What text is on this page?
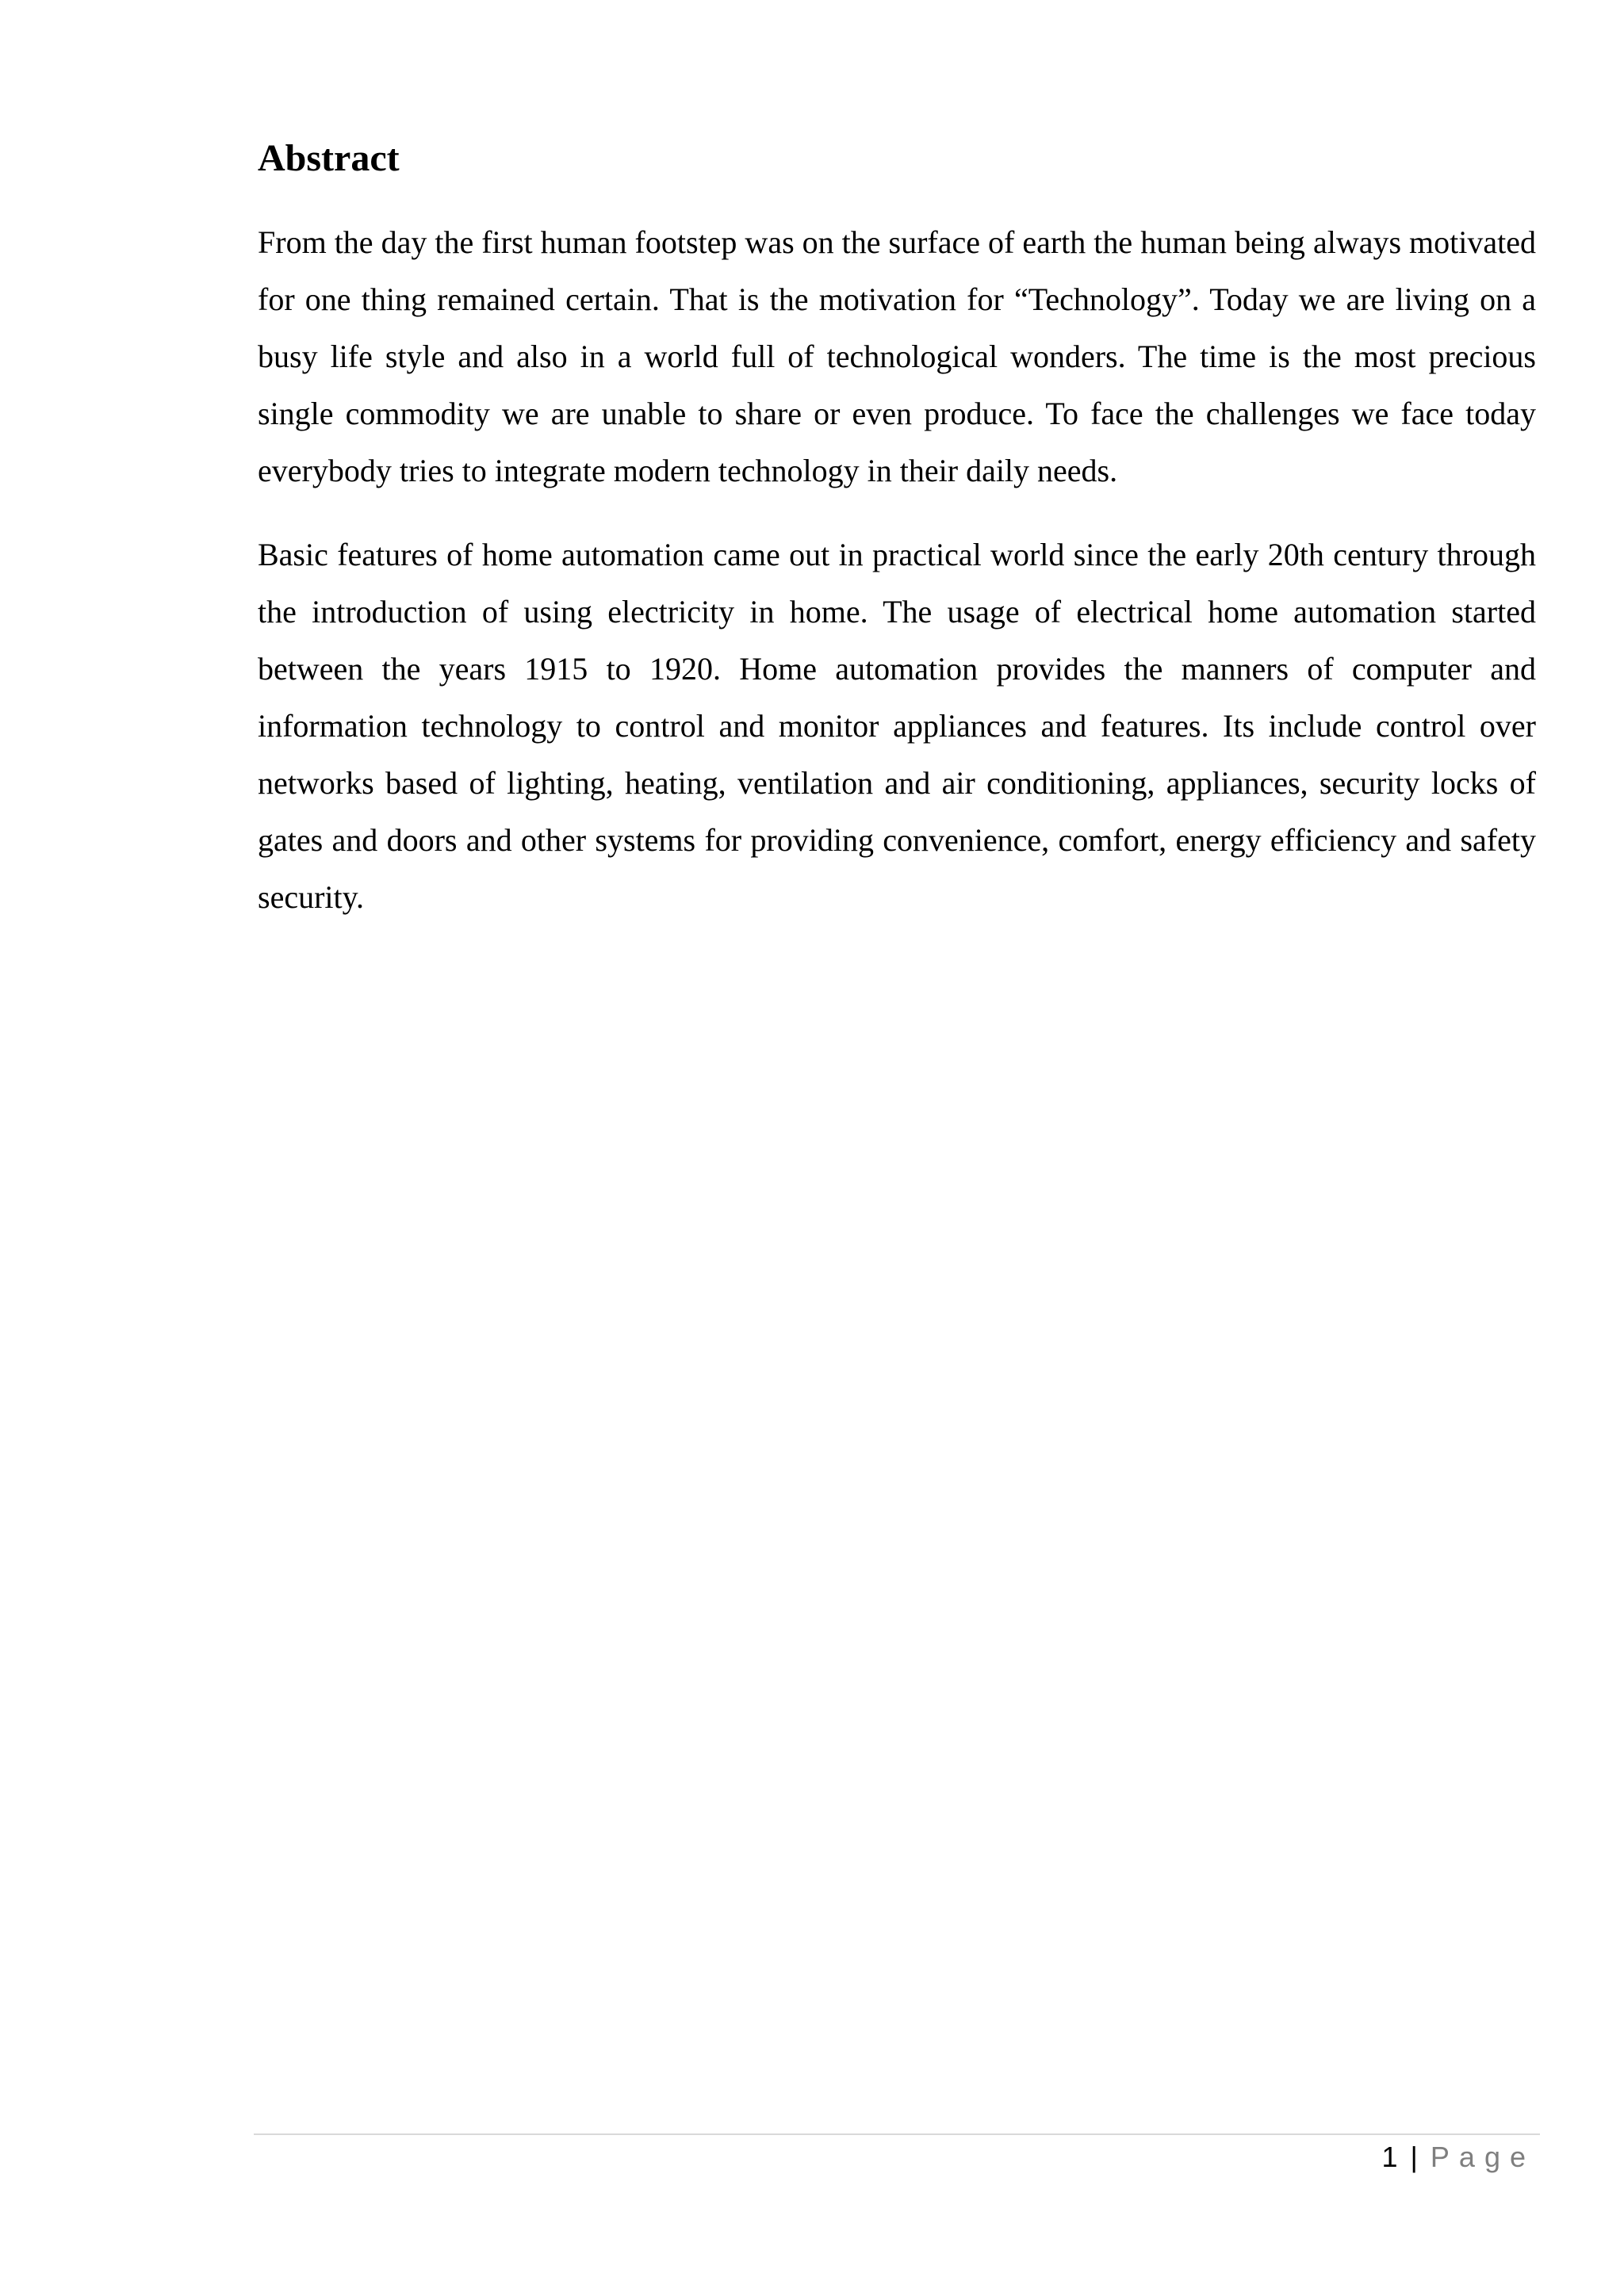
Abstract

From the day the first human footstep was on the surface of earth the human being always motivated for one thing remained certain. That is the motivation for “Technology”. Today we are living on a busy life style and also in a world full of technological wonders. The time is the most precious single commodity we are unable to share or even produce. To face the challenges we face today everybody tries to integrate modern technology in their daily needs.

Basic features of home automation came out in practical world since the early 20th century through the introduction of using electricity in home. The usage of electrical home automation started between the years 1915 to 1920. Home automation provides the manners of computer and information technology to control and monitor appliances and features. Its include control over networks based of lighting, heating, ventilation and air conditioning, appliances, security locks of gates and doors and other systems for providing convenience, comfort, energy efficiency and safety security.

1 | Page
